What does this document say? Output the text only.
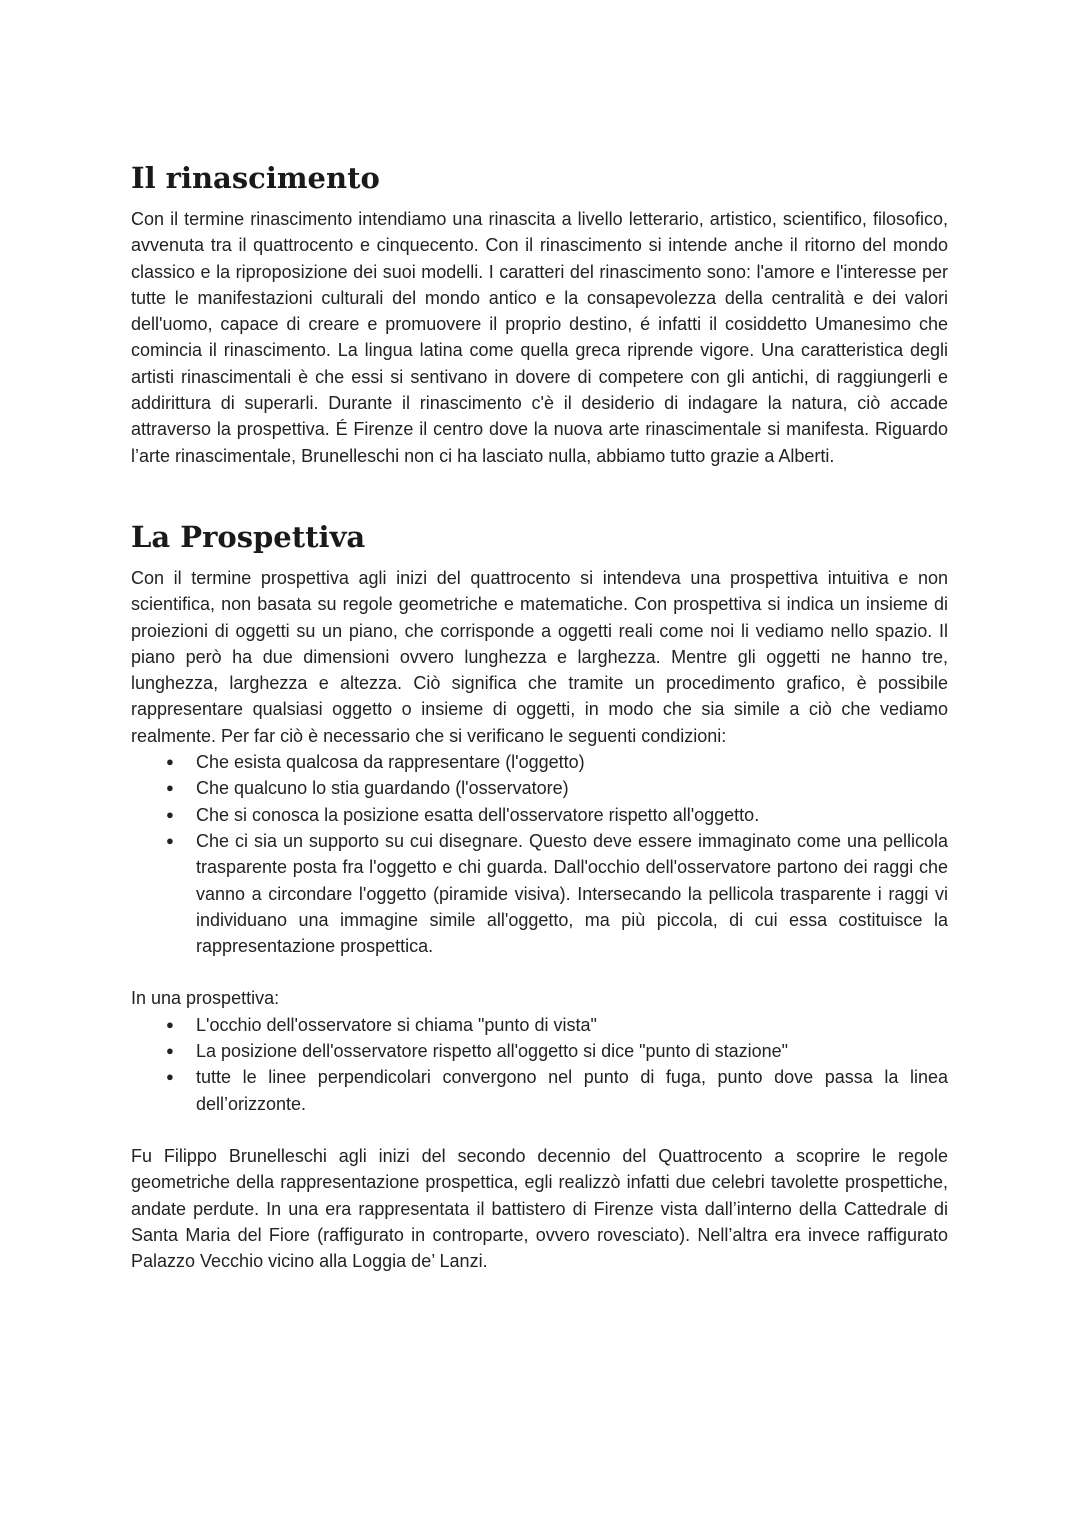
Il rinascimento

Con il termine rinascimento intendiamo una rinascita a livello letterario, artistico, scientifico, filosofico, avvenuta tra il quattrocento e cinquecento. Con il rinascimento si intende anche il ritorno del mondo classico e la riproposizione dei suoi modelli. I caratteri del rinascimento sono: l'amore e l'interesse per tutte le manifestazioni culturali del mondo antico e la consapevolezza della centralità e dei valori dell'uomo, capace di creare e promuovere il proprio destino, é infatti il cosiddetto Umanesimo che comincia il rinascimento. La lingua latina come quella greca riprende vigore. Una caratteristica degli artisti rinascimentali è che essi si sentivano in dovere di competere con gli antichi, di raggiungerli e addirittura di superarli. Durante il rinascimento c'è il desiderio di indagare la natura, ciò accade attraverso la prospettiva. É Firenze il centro dove la nuova arte rinascimentale si manifesta. Riguardo l’arte rinascimentale, Brunelleschi non ci ha lasciato nulla, abbiamo tutto grazie a Alberti.

La Prospettiva

Con il termine prospettiva agli inizi del quattrocento si intendeva una prospettiva intuitiva e non scientifica, non basata su regole geometriche e matematiche. Con prospettiva si indica un insieme di proiezioni di oggetti su un piano, che corrisponde a oggetti reali come noi li vediamo nello spazio. Il piano però ha due dimensioni ovvero lunghezza e larghezza. Mentre gli oggetti ne hanno tre, lunghezza, larghezza e altezza. Ciò significa che tramite un procedimento grafico, è possibile rappresentare qualsiasi oggetto o insieme di oggetti, in modo che sia simile a ciò che vediamo realmente. Per far ciò è necessario che si verificano le seguenti condizioni:

● Che esista qualcosa da rappresentare (l'oggetto)
● Che qualcuno lo stia guardando (l'osservatore)
● Che si conosca la posizione esatta dell'osservatore rispetto all'oggetto.
● Che ci sia un supporto su cui disegnare. Questo deve essere immaginato come una pellicola trasparente posta fra l'oggetto e chi guarda. Dall'occhio dell'osservatore partono dei raggi che vanno a circondare l'oggetto (piramide visiva). Intersecando la pellicola trasparente i raggi vi individuano una immagine simile all'oggetto, ma più piccola, di cui essa costituisce la rappresentazione prospettica.

In una prospettiva:

● L'occhio dell'osservatore si chiama "punto di vista"
● La posizione dell'osservatore rispetto all'oggetto si dice "punto di stazione"
● tutte le linee perpendicolari convergono nel punto di fuga, punto dove passa la linea dell’orizzonte.

Fu Filippo Brunelleschi agli inizi del secondo decennio del Quattrocento a scoprire le regole geometriche della rappresentazione prospettica, egli realizzò infatti due celebri tavolette prospettiche, andate perdute. In una era rappresentata il battistero di Firenze vista dall’interno della Cattedrale di Santa Maria del Fiore (raffigurato in controparte, ovvero rovesciato). Nell’altra era invece raffigurato Palazzo Vecchio vicino alla Loggia de’ Lanzi.
